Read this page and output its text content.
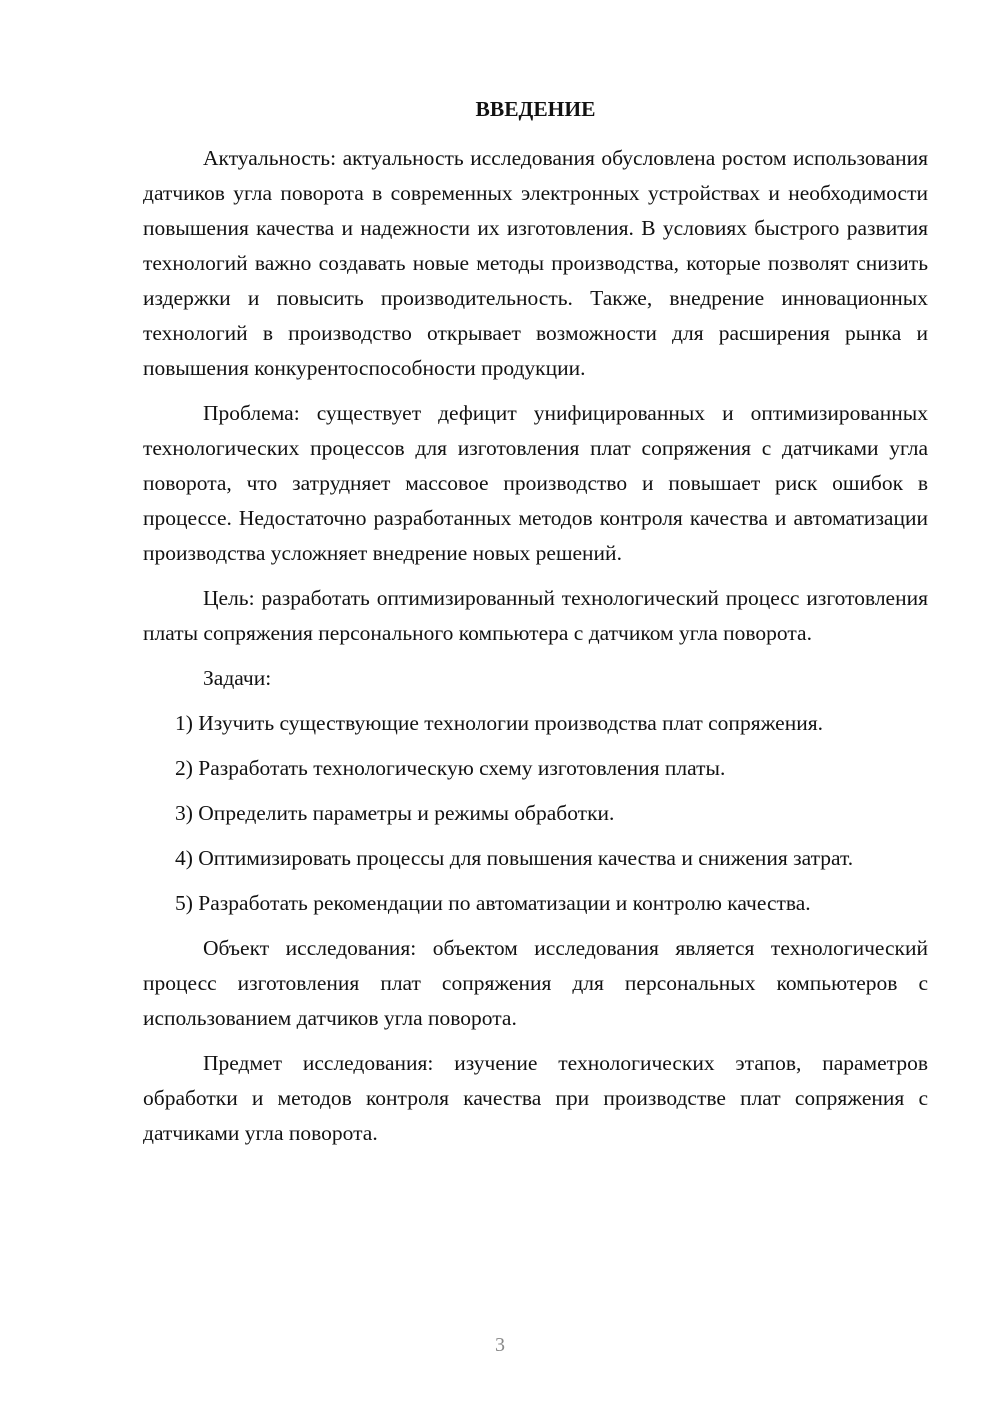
ВВЕДЕНИЕ

Актуальность: актуальность исследования обусловлена ростом использования датчиков угла поворота в современных электронных устройствах и необходимости повышения качества и надежности их изготовления. В условиях быстрого развития технологий важно создавать новые методы производства, которые позволят снизить издержки и повысить производительность. Также, внедрение инновационных технологий в производство открывает возможности для расширения рынка и повышения конкурентоспособности продукции.

Проблема: существует дефицит унифицированных и оптимизированных технологических процессов для изготовления плат сопряжения с датчиками угла поворота, что затрудняет массовое производство и повышает риск ошибок в процессе. Недостаточно разработанных методов контроля качества и автоматизации производства усложняет внедрение новых решений.

Цель: разработать оптимизированный технологический процесс изготовления платы сопряжения персонального компьютера с датчиком угла поворота.

Задачи:

1) Изучить существующие технологии производства плат сопряжения.

2) Разработать технологическую схему изготовления платы.

3) Определить параметры и режимы обработки.

4) Оптимизировать процессы для повышения качества и снижения затрат.

5) Разработать рекомендации по автоматизации и контролю качества.

Объект исследования: объектом исследования является технологический процесс изготовления плат сопряжения для персональных компьютеров с использованием датчиков угла поворота.

Предмет исследования: изучение технологических этапов, параметров обработки и методов контроля качества при производстве плат сопряжения с датчиками угла поворота.

3
